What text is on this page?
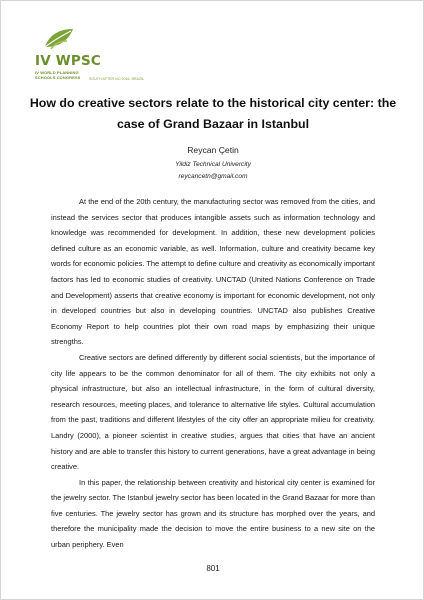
IV WPSC
IV WORLD PLANNING
SCHOOLS CONGRESS SOUTH AFTER NO 2016, BRAZIL
How do creative sectors relate to the historical city center: the case of Grand Bazaar in Istanbul
Reycan Çetin
Yildiz Technical Univercity
reycancetn@gmail.com

At the end of the 20th century, the manufacturing sector was removed from the cities, and instead the services sector that produces intangible assets such as information technology and knowledge was recommended for development. In addition, these new development policies defined culture as an economic variable, as well. Information, culture and creativity became key words for economic policies. The attempt to define culture and creativity as economically important factors has led to economic studies of creativity. UNCTAD (United Nations Conference on Trade and Development) asserts that creative economy is important for economic development, not only in developed countries but also in developing countries. UNCTAD also publishes Creative Economy Report to help countries plot their own road maps by emphasizing their unique strengths.

Creative sectors are defined differently by different social scientists, but the importance of city life appears to be the common denominator for all of them. The city exhibits not only a physical infrastructure, but also an intellectual infrastructure, in the form of cultural diversity, research resources, meeting places, and tolerance to alternative life styles. Cultural accumulation from the past, traditions and different lifestyles of the city offer an appropriate milieu for creativity. Landry (2000), a pioneer scientist in creative studies, argues that cities that have an ancient history and are able to transfer this history to current generations, have a great advantage in being creative.

In this paper, the relationship between creativity and historical city center is examined for the jewelry sector. The Istanbul jewelry sector has been located in the Grand Bazaar for more than five centuries. The jewelry sector has grown and its structure has morphed over the years, and therefore the municipality made the decision to move the entire business to a new site on the urban periphery. Even

801
